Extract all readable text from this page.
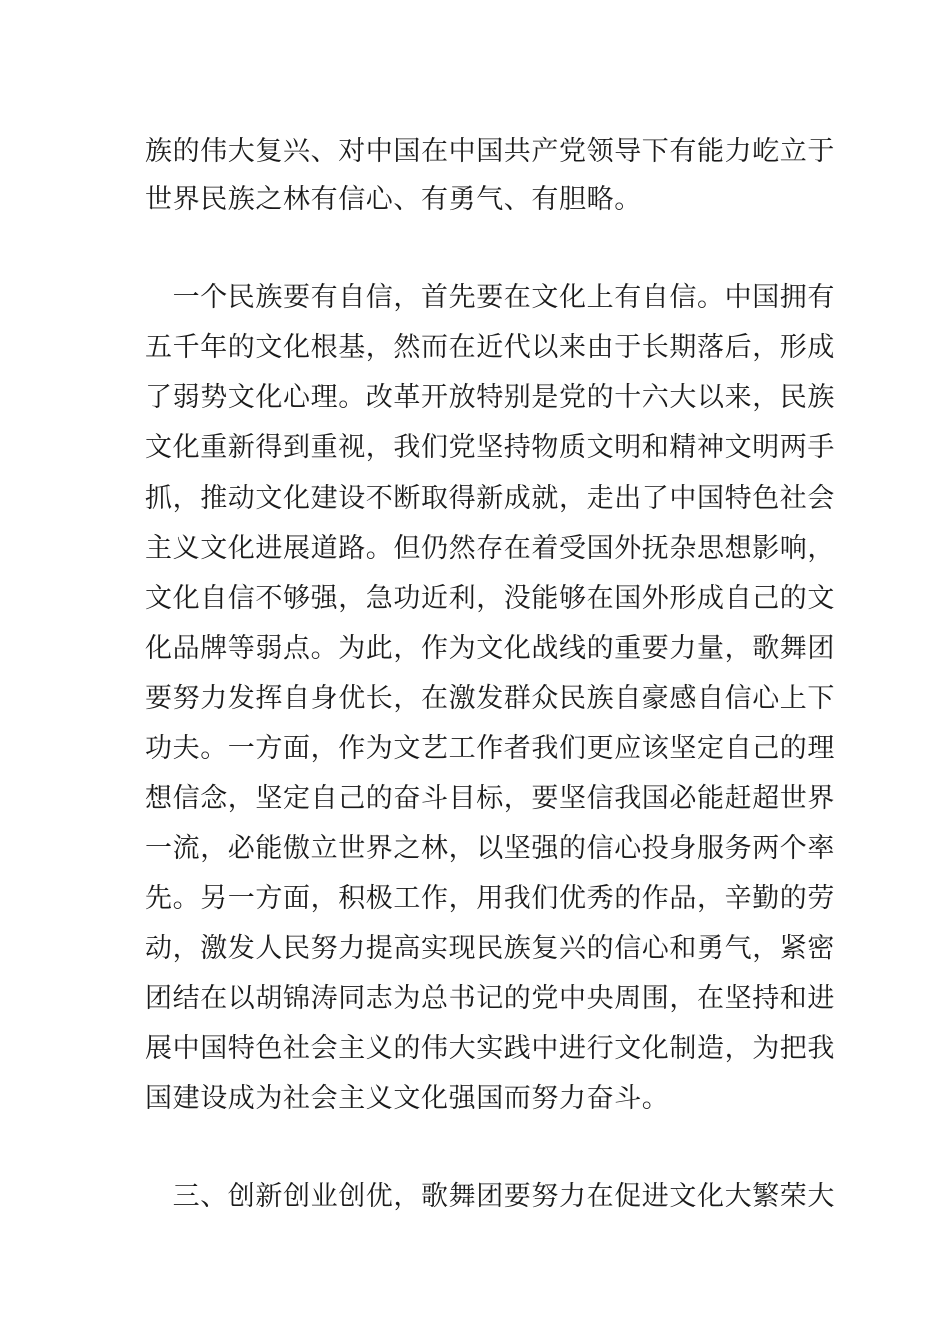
族的伟大复兴、对中国在中国共产党领导下有能力屹立于
世界民族之林有信心、有勇气、有胆略。
　一个民族要有自信，首先要在文化上有自信。中国拥有
五千年的文化根基，然而在近代以来由于长期落后，形成
了弱势文化心理。改革开放特别是党的十六大以来，民族
文化重新得到重视，我们党坚持物质文明和精神文明两手
抓，推动文化建设不断取得新成就，走出了中国特色社会
主义文化进展道路。但仍然存在着受国外抚杂思想影响，
文化自信不够强，急功近利，没能够在国外形成自己的文
化品牌等弱点。为此，作为文化战线的重要力量，歌舞团
要努力发挥自身优长，在激发群众民族自豪感自信心上下
功夫。一方面，作为文艺工作者我们更应该坚定自己的理
想信念，坚定自己的奋斗目标，要坚信我国必能赶超世界
一流，必能傲立世界之林，以坚强的信心投身服务两个率
先。另一方面，积极工作，用我们优秀的作品，辛勤的劳
动，激发人民努力提高实现民族复兴的信心和勇气，紧密
团结在以胡锦涛同志为总书记的党中央周围，在坚持和进
展中国特色社会主义的伟大实践中进行文化制造，为把我
国建设成为社会主义文化强国而努力奋斗。
　三、创新创业创优，歌舞团要努力在促进文化大繁荣大
